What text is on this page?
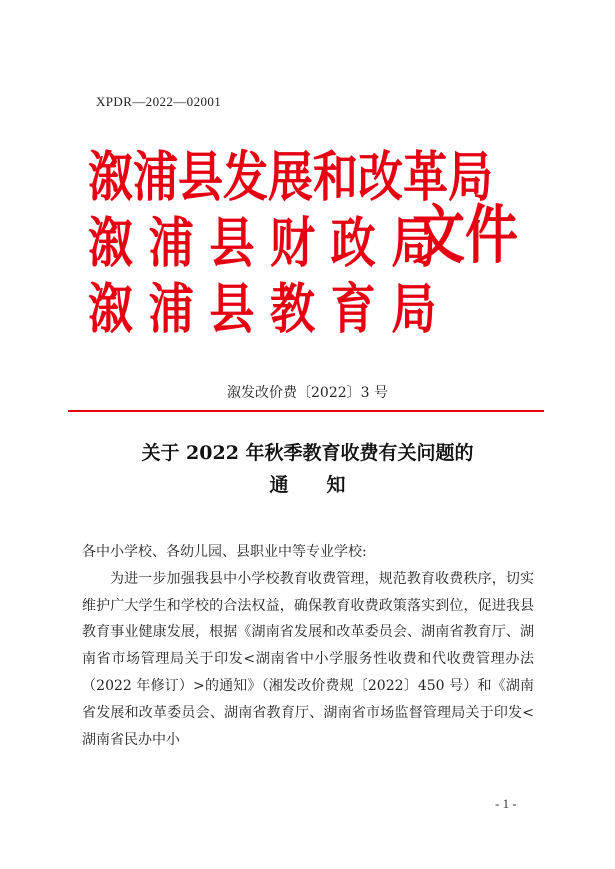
XPDR—2022—02001
溆浦县发展和改革局
溆 浦 县 财 政 局
文件
溆 浦 县 教 育 局
溆发改价费〔2022〕3 号
关于 2022 年秋季教育收费有关问题的
通　　知
各中小学校、各幼儿园、县职业中等专业学校:
为进一步加强我县中小学校教育收费管理，规范教育收费秩序，切实维护广大学生和学校的合法权益，确保教育收费政策落实到位，促进我县教育事业健康发展，根据《湖南省发展和改革委员会、湖南省教育厅、湖南省市场管理局关于印发<湖南省中小学服务性收费和代收费管理办法（2022 年修订）>的通知》（湘发改价费规〔2022〕450 号）和《湖南省发展和改革委员会、湖南省教育厅、湖南省市场监督管理局关于印发<湖南省民办中小
- 1 -
